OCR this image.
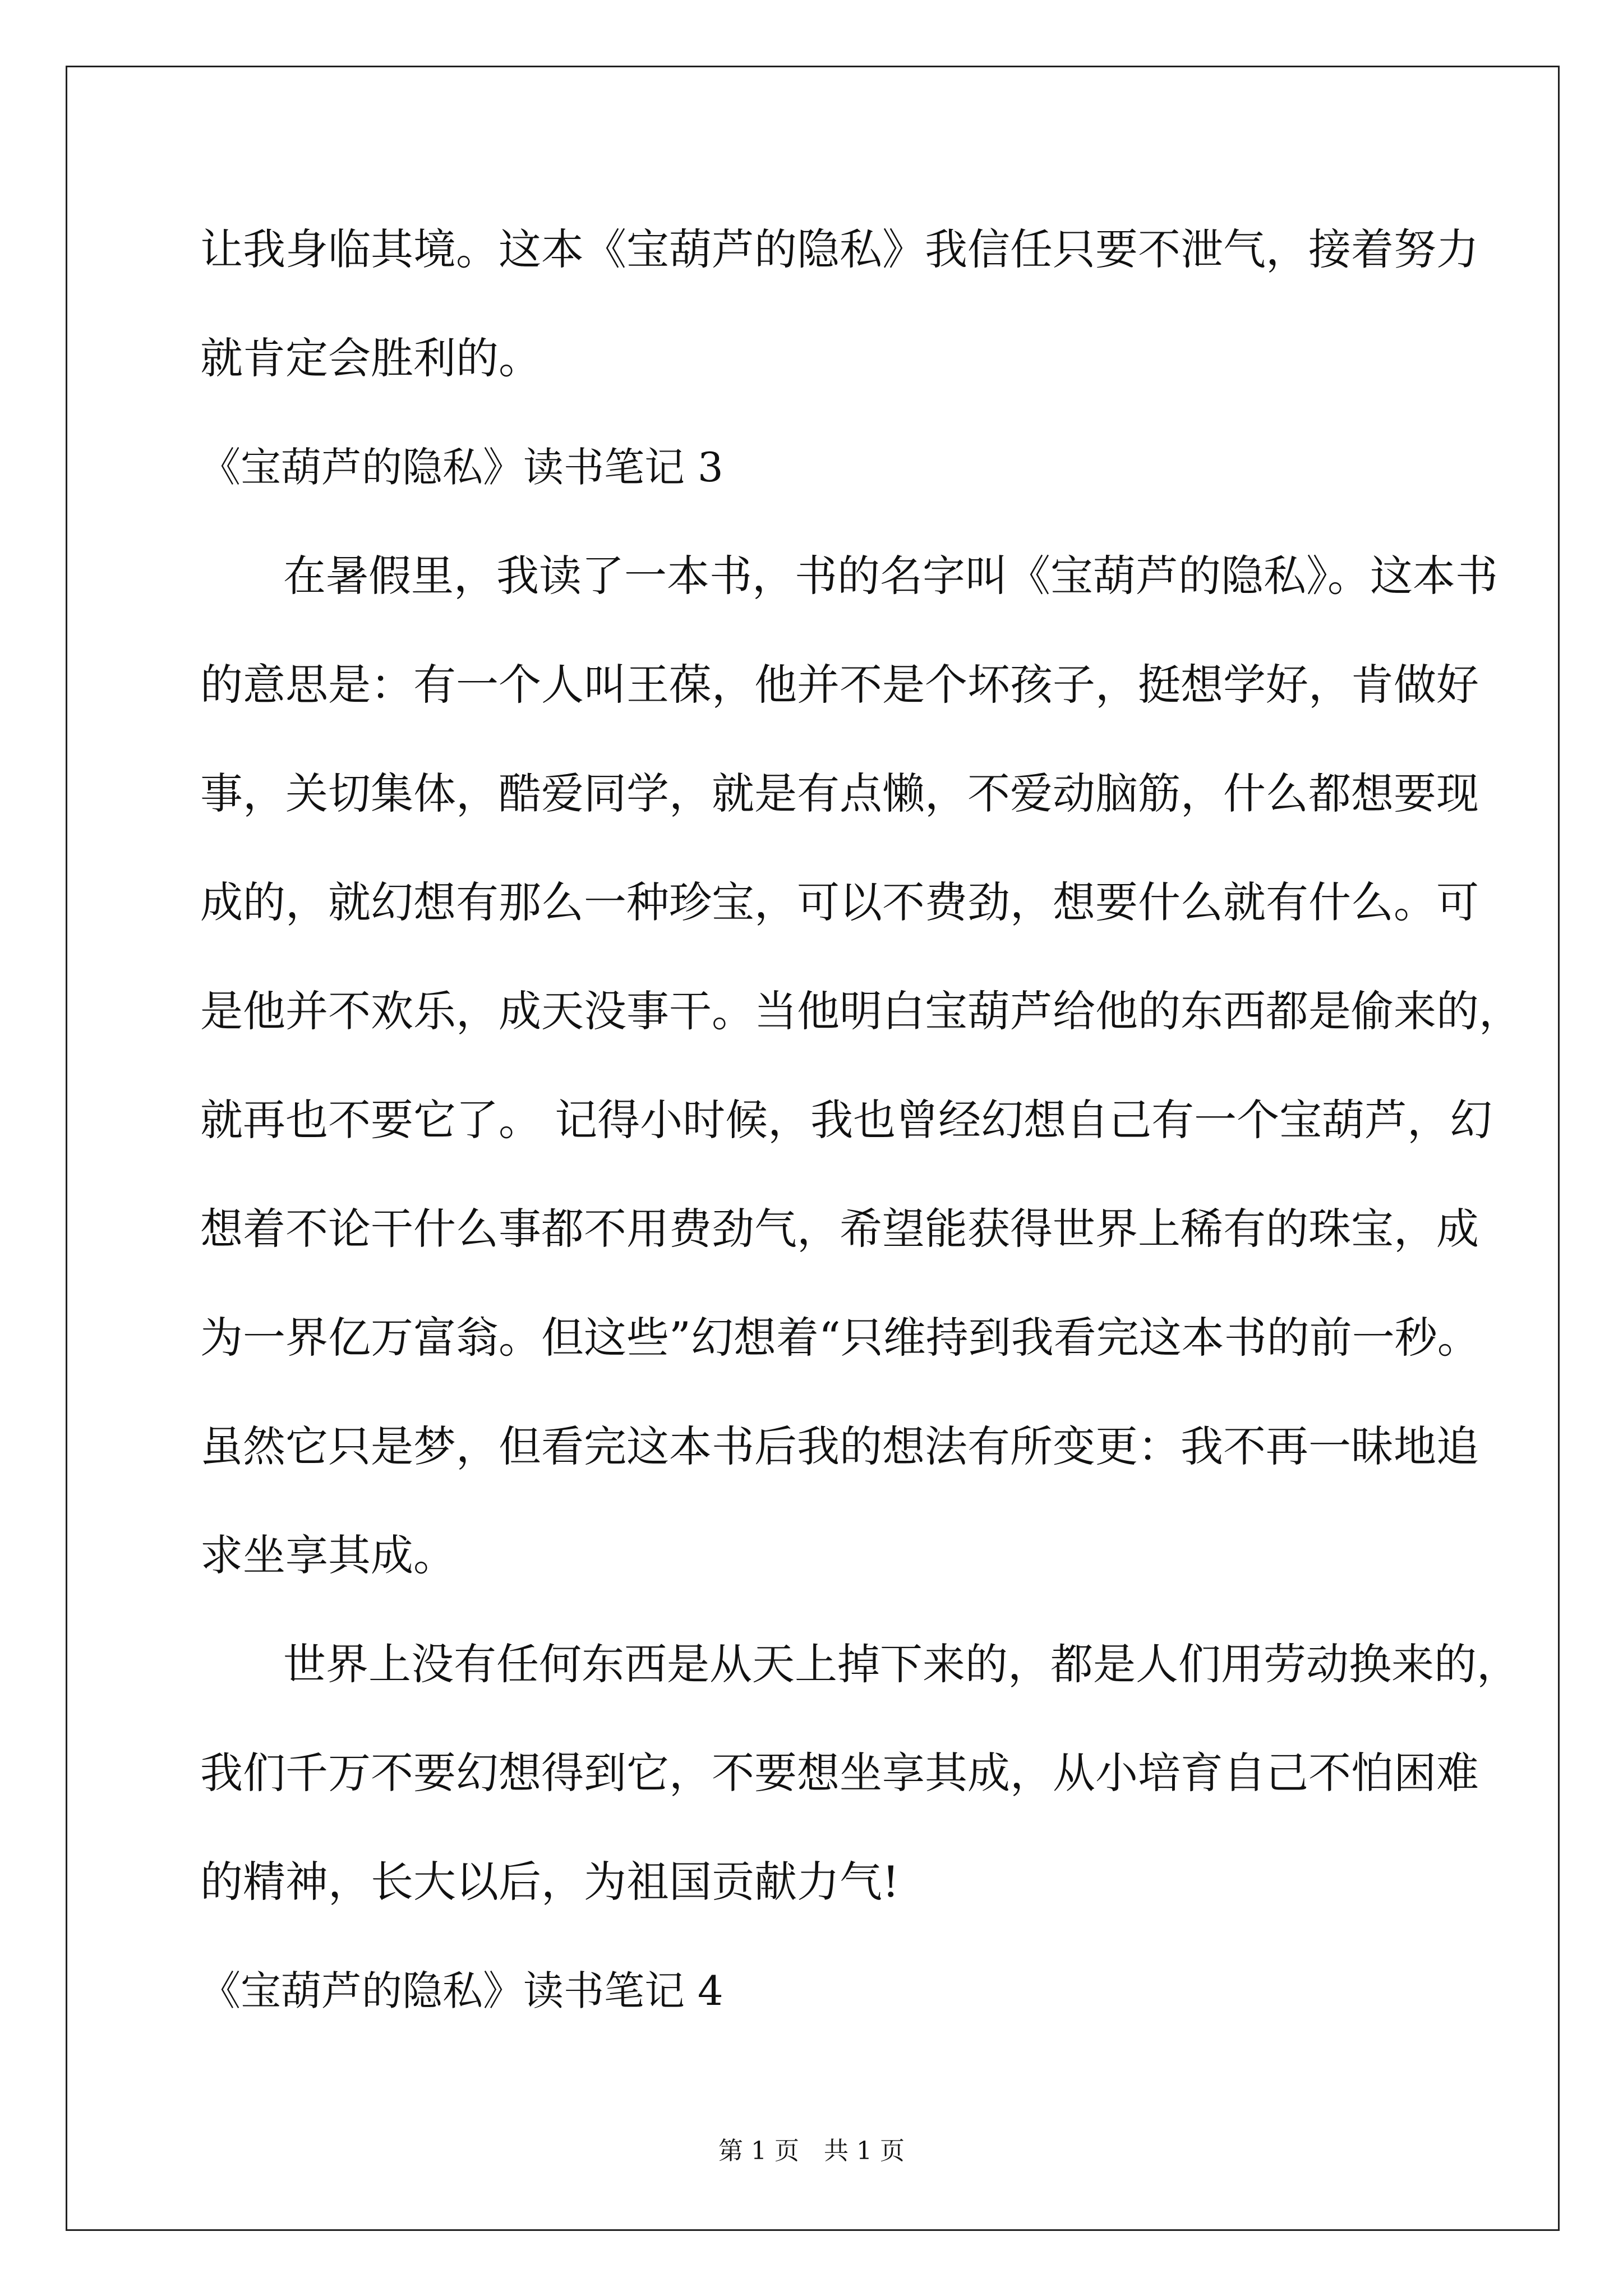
让我身临其境。这本《宝葫芦的隐私》我信任只要不泄气，接着努力
就肯定会胜利的。
《宝葫芦的隐私》读书笔记 3
在暑假里，我读了一本书，书的名字叫《宝葫芦的隐私》。这本书
的意思是：有一个人叫王葆，他并不是个坏孩子，挺想学好，肯做好
事，关切集体，酷爱同学，就是有点懒，不爱动脑筋，什么都想要现
成的，就幻想有那么一种珍宝，可以不费劲，想要什么就有什么。可
是他并不欢乐，成天没事干。当他明白宝葫芦给他的东西都是偷来的，
就再也不要它了。 记得小时候，我也曾经幻想自己有一个宝葫芦，幻
想着不论干什么事都不用费劲气，希望能获得世界上稀有的珠宝，成
为一界亿万富翁。但这些”幻想着“只维持到我看完这本书的前一秒。
虽然它只是梦，但看完这本书后我的想法有所变更：我不再一昧地追
求坐享其成。
世界上没有任何东西是从天上掉下来的，都是人们用劳动换来的，
我们千万不要幻想得到它，不要想坐享其成，从小培育自己不怕困难
的精神，长大以后，为祖国贡献力气!
《宝葫芦的隐私》读书笔记 4
第 1 页　共 1 页
